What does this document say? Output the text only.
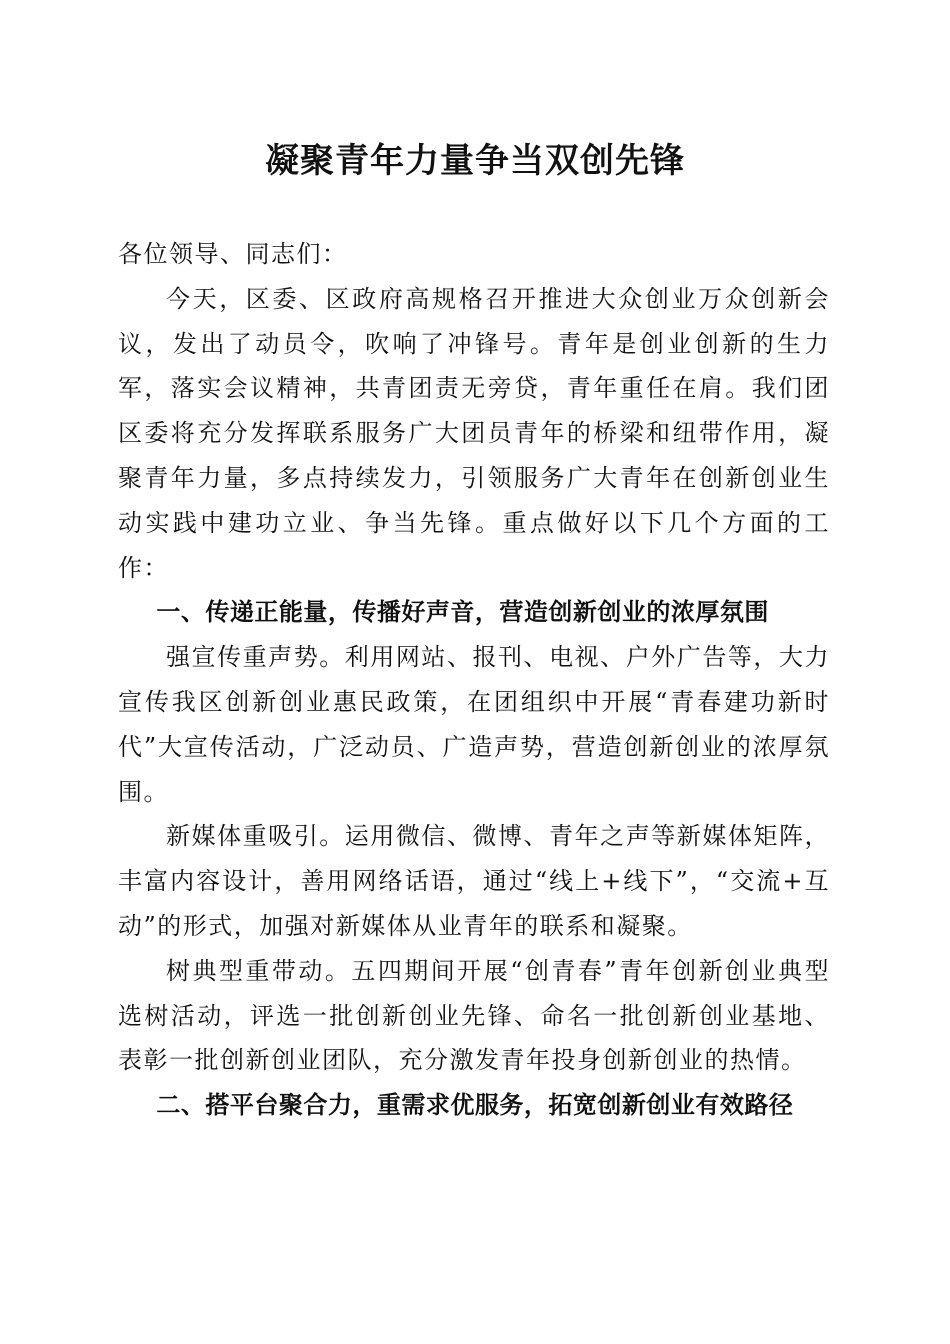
凝聚青年力量争当双创先锋

各位领导、同志们：

今天，区委、区政府高规格召开推进大众创业万众创新会议，发出了动员令，吹响了冲锋号。青年是创业创新的生力军，落实会议精神，共青团责无旁贷，青年重任在肩。我们团区委将充分发挥联系服务广大团员青年的桥梁和纽带作用，凝聚青年力量，多点持续发力，引领服务广大青年在创新创业生动实践中建功立业、争当先锋。重点做好以下几个方面的工作：

一、传递正能量，传播好声音，营造创新创业的浓厚氛围

强宣传重声势。利用网站、报刊、电视、户外广告等，大力宣传我区创新创业惠民政策，在团组织中开展“青春建功新时代”大宣传活动，广泛动员、广造声势，营造创新创业的浓厚氛围。

新媒体重吸引。运用微信、微博、青年之声等新媒体矩阵，丰富内容设计，善用网络话语，通过“线上+线下”，“交流+互动”的形式，加强对新媒体从业青年的联系和凝聚。

树典型重带动。五四期间开展“创青春”青年创新创业典型选树活动，评选一批创新创业先锋、命名一批创新创业基地、表彰一批创新创业团队，充分激发青年投身创新创业的热情。

二、搭平台聚合力，重需求优服务，拓宽创新创业有效路径
